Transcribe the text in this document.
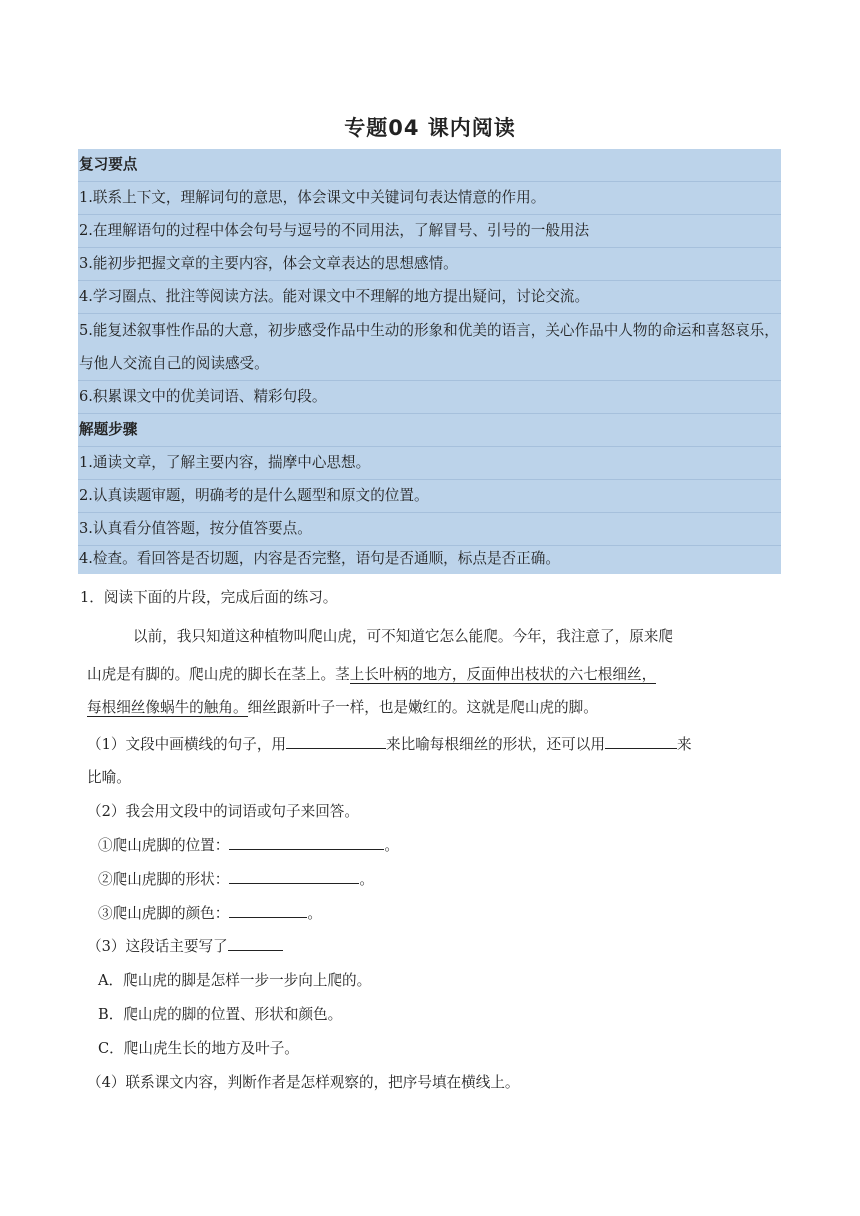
专题04 课内阅读
复习要点
1.联系上下文，理解词句的意思，体会课文中关键词句表达情意的作用。
2.在理解语句的过程中体会句号与逗号的不同用法，了解冒号、引号的一般用法
3.能初步把握文章的主要内容，体会文章表达的思想感情。
4.学习圈点、批注等阅读方法。能对课文中不理解的地方提出疑问，讨论交流。
5.能复述叙事性作品的大意，初步感受作品中生动的形象和优美的语言，关心作品中人物的命运和喜怒哀乐，与他人交流自己的阅读感受。
6.积累课文中的优美词语、精彩句段。
解题步骤
1.通读文章，了解主要内容，揣摩中心思想。
2.认真读题审题，明确考的是什么题型和原文的位置。
3.认真看分值答题，按分值答要点。
4.检查。看回答是否切题，内容是否完整，语句是否通顺，标点是否正确。
1．阅读下面的片段，完成后面的练习。
以前，我只知道这种植物叫爬山虎，可不知道它怎么能爬。今年，我注意了，原来爬
山虎是有脚的。爬山虎的脚长在茎上。茎上长叶柄的地方，反面伸出枝状的六七根细丝，
每根细丝像蜗牛的触角。细丝跟新叶子一样，也是嫩红的。这就是爬山虎的脚。
（1）文段中画横线的句子，用	来比喻每根细丝的形状，还可以用	来
比喻。
（2）我会用文段中的词语或句子来回答。
①爬山虎脚的位置：	。
②爬山虎脚的形状：	。
③爬山虎脚的颜色：	。
（3）这段话主要写了
A．爬山虎的脚是怎样一步一步向上爬的。
B．爬山虎的脚的位置、形状和颜色。
C．爬山虎生长的地方及叶子。
（4）联系课文内容，判断作者是怎样观察的，把序号填在横线上。
